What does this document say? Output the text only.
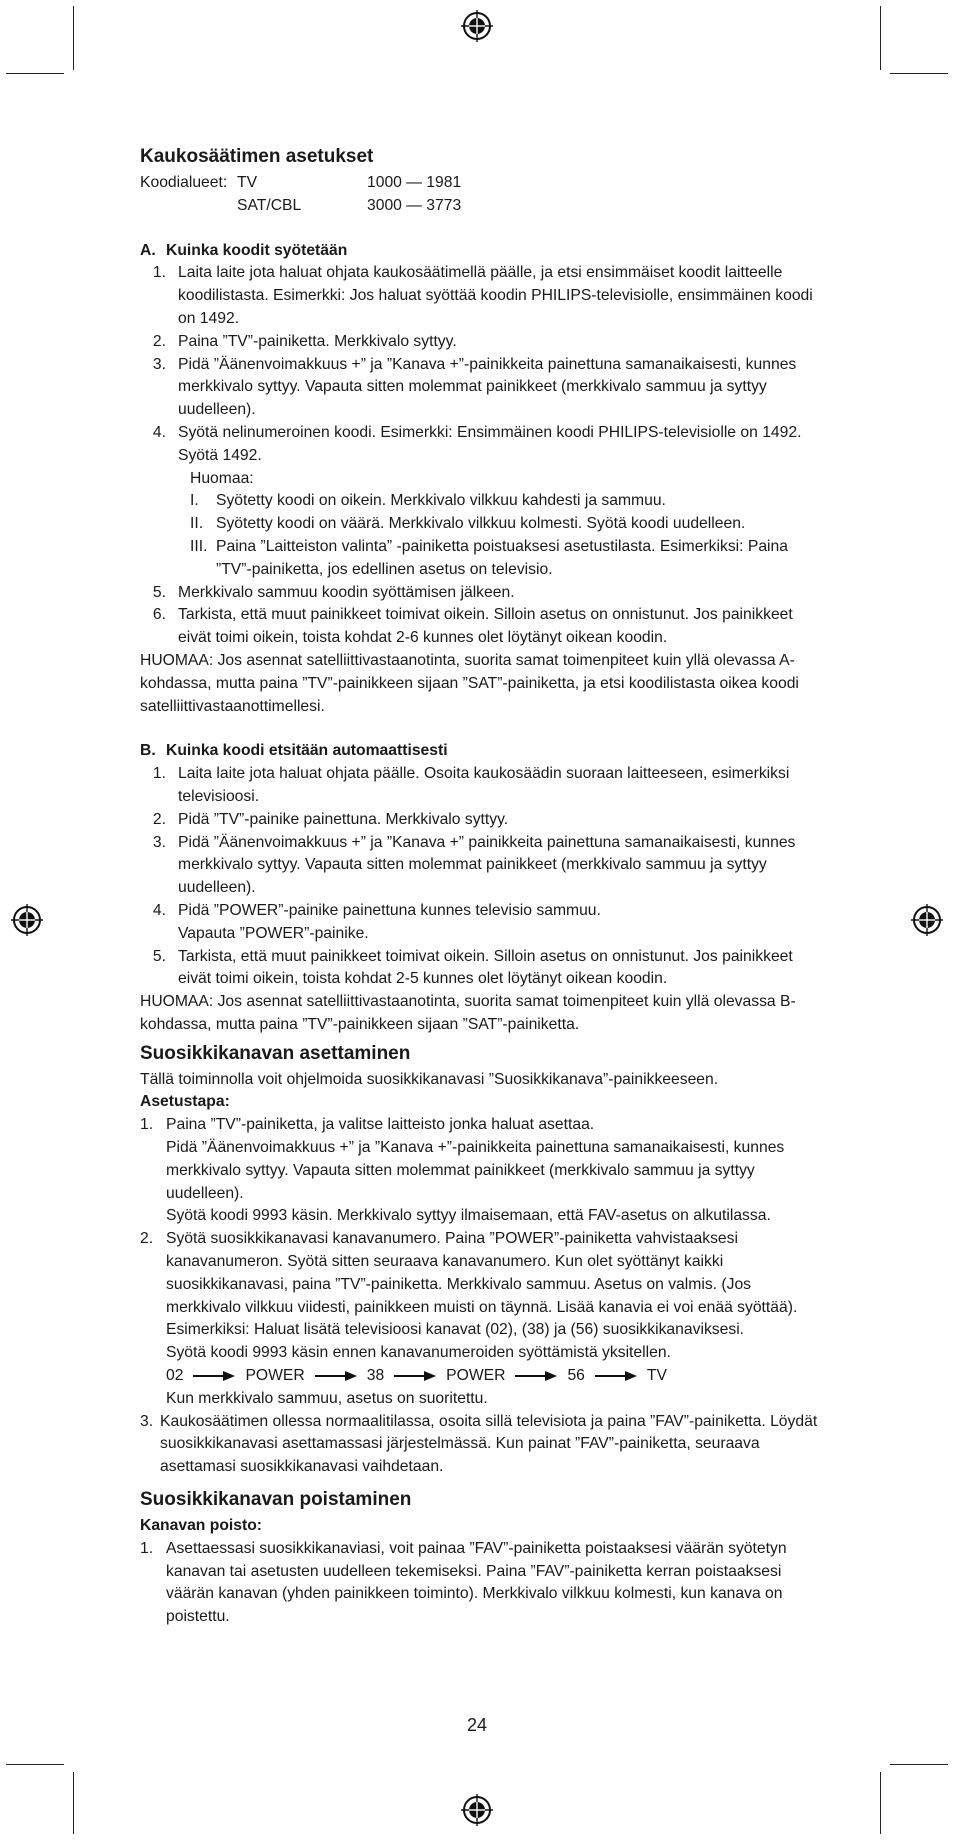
Kaukosäätimen asetukset
Koodialueet: TV	1000 — 1981
SAT/CBL	3000 — 3773
A. Kuinka koodit syötetään
1. Laita laite jota haluat ohjata kaukosäätimellä päälle, ja etsi ensimmäiset koodit laitteelle koodilistasta. Esimerkki: Jos haluat syöttää koodin PHILIPS-televisiolle, ensimmäinen koodi on 1492.
2. Paina ”TV”-painiketta. Merkkivalo syttyy.
3. Pidä ”Äänenvoimakkuus +” ja ”Kanava +”-painikkeita painettuna samanaikaisesti, kunnes merkkivalo syttyy. Vapauta sitten molemmat painikkeet (merkkivalo sammuu ja syttyy uudelleen).
4. Syötä nelinumeroinen koodi. Esimerkki: Ensimmäinen koodi PHILIPS-televisiolle on 1492. Syötä 1492.
Huomaa:
I.	Syötetty koodi on oikein. Merkkivalo vilkkuu kahdesti ja sammuu.
II. Syötetty koodi on väärä. Merkkivalo vilkkuu kolmesti. Syötä koodi uudelleen.
III. Paina ”Laitteiston valinta” -painiketta poistuaksesi asetustilasta. Esimerkiksi: Paina ”TV”-painiketta, jos edellinen asetus on televisio.
5. Merkkivalo sammuu koodin syöttämisen jälkeen.
6. Tarkista, että muut painikkeet toimivat oikein. Silloin asetus on onnistunut. Jos painikkeet eivät toimi oikein, toista kohdat 2-6 kunnes olet löytänyt oikean koodin.

HUOMAA: Jos asennat satelliittivastaanotinta, suorita samat toimenpiteet kuin yllä olevassa A-kohdassa, mutta paina ”TV”-painikkeen sijaan ”SAT”-painiketta, ja etsi koodilistasta oikea koodi satelliittivastaanottimellesi.

B. Kuinka koodi etsitään automaattisesti
1. Laita laite jota haluat ohjata päälle. Osoita kaukosäädin suoraan laitteeseen, esimerkiksi televisioosi.
2. Pidä ”TV”-painike painettuna. Merkkivalo syttyy.
3. Pidä ”Äänenvoimakkuus +” ja ”Kanava +” painikkeita painettuna samanaikaisesti, kunnes merkkivalo syttyy. Vapauta sitten molemmat painikkeet (merkkivalo sammuu ja syttyy uudelleen).
4. Pidä ”POWER”-painike painettuna kunnes televisio sammuu.
Vapauta ”POWER”-painike.
5. Tarkista, että muut painikkeet toimivat oikein. Silloin asetus on onnistunut. Jos painikkeet eivät toimi oikein, toista kohdat 2-5 kunnes olet löytänyt oikean koodin.

HUOMAA: Jos asennat satelliittivastaanotinta, suorita samat toimenpiteet kuin yllä olevassa B-kohdassa, mutta paina ”TV”-painikkeen sijaan ”SAT”-painiketta.

Suosikkikanavan asettaminen

Tällä toiminnolla voit ohjelmoida suosikkikanavasi ”Suosikkikanava”-painikkeeseen.

Asetustapa:
1. Paina ”TV”-painiketta, ja valitse laitteisto jonka haluat asettaa.
Pidä ”Äänenvoimakkuus +” ja ”Kanava +”-painikkeita painettuna samanaikaisesti, kunnes merkkivalo syttyy. Vapauta sitten molemmat painikkeet (merkkivalo sammuu ja syttyy uudelleen).
Syötä koodi 9993 käsin. Merkkivalo syttyy ilmaisemaan, että FAV-asetus on alkutilassa.
2. Syötä suosikkikanavasi kanavanumero. Paina ”POWER”-painiketta vahvistaaksesi kanavanumeron. Syötä sitten seuraava kanavanumero. Kun olet syöttänyt kaikki suosikkikanavasi, paina ”TV”-painiketta. Merkkivalo sammuu. Asetus on valmis. (Jos merkkivalo vilkkuu viidesti, painikkeen muisti on täynnä. Lisää kanavia ei voi enää syöttää).
Esimerkiksi: Haluat lisätä televisioosi kanavat (02), (38) ja (56) suosikkikanaviksesi.
Syötä koodi 9993 käsin ennen kanavanumeroiden syöttämistä yksitellen.
02	POWER	38	POWER	56	TV
Kun merkkivalo sammuu, asetus on suoritettu.
3. Kaukosäätimen ollessa normaalitilassa, osoita sillä televisiota ja paina ”FAV”-painiketta. Löydät suosikkikanavasi asettamassasi järjestelmässä. Kun painat ”FAV”-painiketta, seuraava asettamasi suosikkikanavasi vaihdetaan.
Suosikkikanavan poistaminen
Kanavan poisto:
1. Asettaessasi suosikkikanaviasi, voit painaa ”FAV”-painiketta poistaaksesi väärän syötetyn kanavan tai asetusten uudelleen tekemiseksi. Paina ”FAV”-painiketta kerran poistaaksesi väärän kanavan (yhden painikkeen toiminto). Merkkivalo vilkkuu kolmesti, kun kanava on poistettu.
24
